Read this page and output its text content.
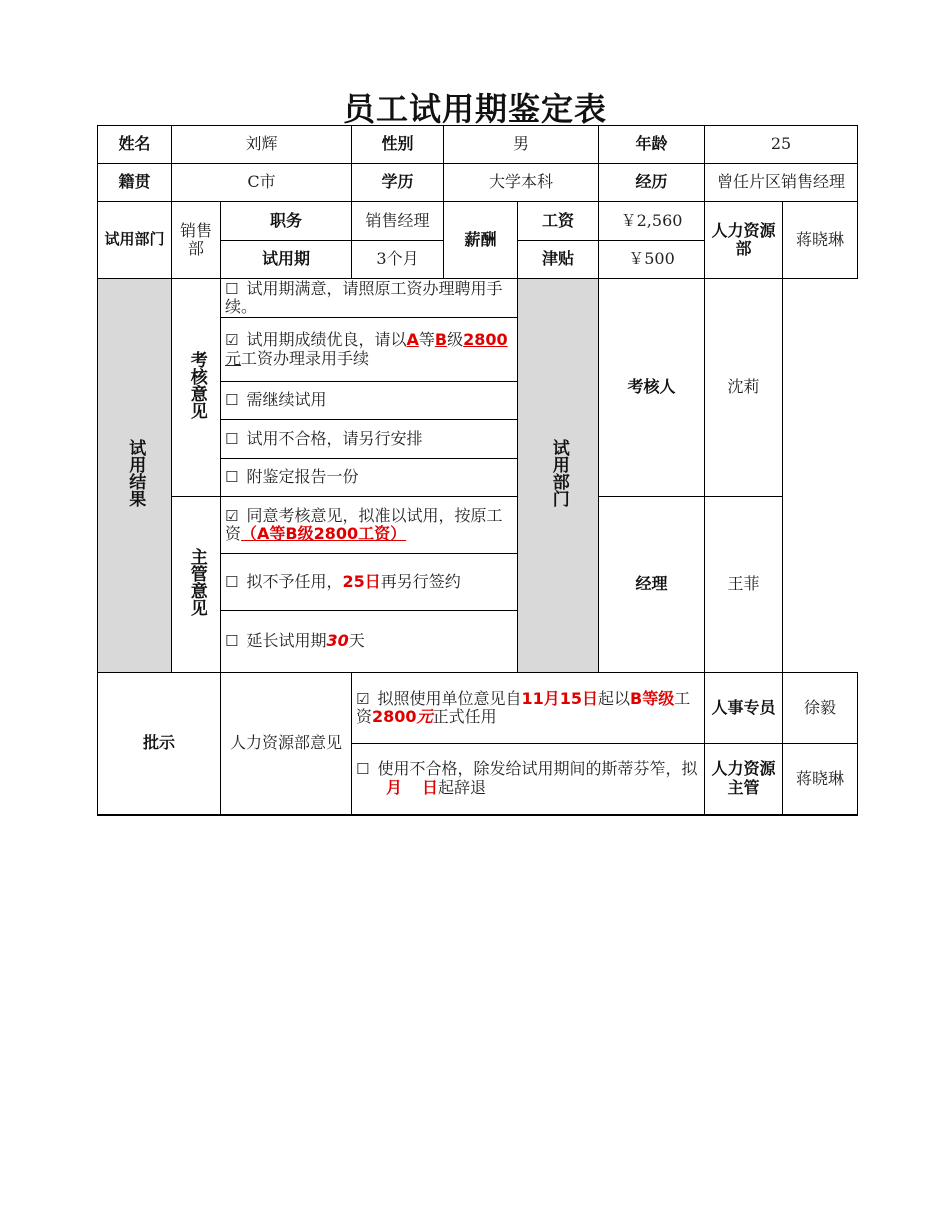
员工试用期鉴定表
姓名	刘辉		性别	男		年龄	25	
籍贯	C市		学历	大学本科		经历	曾任片区销售经理	
试用部门	销售部	职务	销售经理	薪酬	工资	￥2,560	人力资源部	蒋晓琳
		试用期	3个月		津贴	￥500		
试用结果	考核意见	☐ 试用期满意，请照原工资办理聘用手续。			试用部门	考核人	沈莉	
		☑ 试用期成绩优良，请以A等B级2800元工资办理录用手续						
		☐ 需继续试用						
		☐ 试用不合格，请另行安排						
		☐ 附鉴定报告一份						
	主管意见	☑ 同意考核意见，拟准以试用，按原工资（A等B级2800工资）				经理	王菲	
		☐ 拟不予任用，25日再另行签约						
		☐ 延长试用期30天						
批示		人力资源部意见	☑ 拟照使用单位意见自11月15日起以B等级工资2800元正式任用				人事专员	徐毅
			☐ 使用不合格，除发给试用期间的斯蒂芬笮，拟月 日起辞退				人力资源主管	蒋晓琳
